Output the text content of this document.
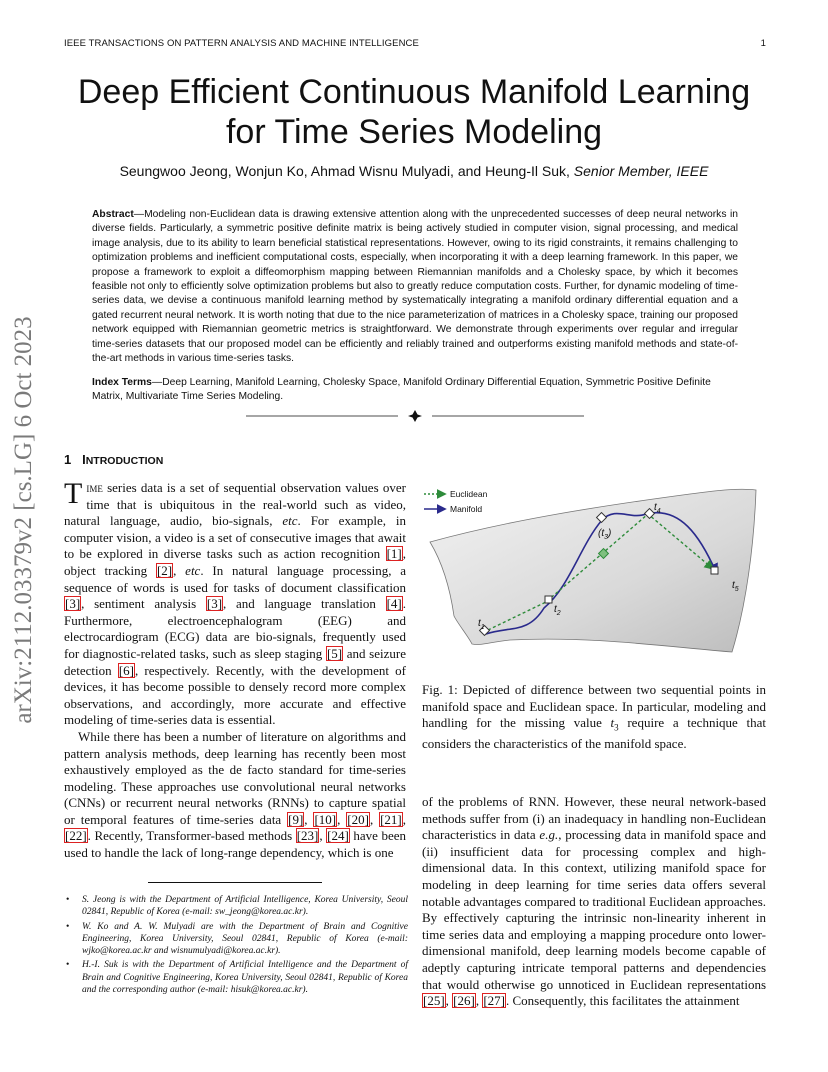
IEEE TRANSACTIONS ON PATTERN ANALYSIS AND MACHINE INTELLIGENCE	1
arXiv:2112.03379v2 [cs.LG] 6 Oct 2023
Deep Efficient Continuous Manifold Learning
for Time Series Modeling
Seungwoo Jeong, Wonjun Ko, Ahmad Wisnu Mulyadi, and Heung-Il Suk, Senior Member, IEEE
Abstract—Modeling non-Euclidean data is drawing extensive attention along with the unprecedented successes of deep neural networks in diverse fields. Particularly, a symmetric positive definite matrix is being actively studied in computer vision, signal processing, and medical image analysis, due to its ability to learn beneficial statistical representations. However, owing to its rigid constraints, it remains challenging to optimization problems and inefficient computational costs, especially, when incorporating it with a deep learning framework. In this paper, we propose a framework to exploit a diffeomorphism mapping between Riemannian manifolds and a Cholesky space, by which it becomes feasible not only to efficiently solve optimization problems but also to greatly reduce computation costs. Further, for dynamic modeling of time-series data, we devise a continuous manifold learning method by systematically integrating a manifold ordinary differential equation and a gated recurrent neural network. It is worth noting that due to the nice parameterization of matrices in a Cholesky space, training our proposed network equipped with Riemannian geometric metrics is straightforward. We demonstrate through experiments over regular and irregular time-series datasets that our proposed model can be efficiently and reliably trained and outperforms existing manifold methods and state-of-the-art methods in various time-series tasks.
Index Terms—Deep Learning, Manifold Learning, Cholesky Space, Manifold Ordinary Differential Equation, Symmetric Positive Definite Matrix, Multivariate Time Series Modeling.
1 INTRODUCTION

Time series data is a set of sequential observation values over time that is ubiquitous in the real-world such as video, natural language, audio, bio-signals, etc. For example, in computer vision, a video is a set of consecutive images that await to be explored in diverse tasks such as action recognition [1], object tracking [2], etc. In natural language processing, a sequence of words is used for tasks of document classification [3], sentiment analysis [3], and language translation [4]. Furthermore, electroencephalogram (EEG) and electrocardiogram (ECG) data are bio-signals, frequently used for diagnostic-related tasks, such as sleep staging [5] and seizure detection [6], respectively. Recently, with the development of devices, it has become possible to densely record more complex observations, and accordingly, more accurate and effective modeling of time-series data is essential.

While there has been a number of literature on algorithms and pattern analysis methods, deep learning has recently been most exhaustively employed as the de facto standard for time-series modeling. These approaches use convolutional neural networks (CNNs) or recurrent neural networks (RNNs) to capture spatial or temporal features of time-series data [9], [10], [20], [21], [22]. Recently, Transformer-based methods [23], [24] have been used to handle the lack of long-range dependency, which is one

• S. Jeong is with the Department of Artificial Intelligence, Korea University, Seoul 02841, Republic of Korea (e-mail: sw_jeong@korea.ac.kr).
• W. Ko and A. W. Mulyadi are with the Department of Brain and Cognitive Engineering, Korea University, Seoul 02841, Republic of Korea (e-mail: wjko@korea.ac.kr and wisnumulyadi@korea.ac.kr).
• H.-I. Suk is with the Department of Artificial Intelligence and the Department of Brain and Cognitive Engineering, Korea University, Seoul 02841, Republic of Korea and the corresponding author (e-mail: hisuk@korea.ac.kr).
Euclidean
Manifold
$t_1$
$t_2$
$(t_3)$
$t_4$
$t_5$
Fig. 1: Depicted of difference between two sequential points in manifold space and Euclidean space. In particular, modeling and handling for the missing value $t_3$ require a technique that considers the characteristics of the manifold space.

of the problems of RNN. However, these neural network-based methods suffer from (i) an inadequacy in handling non-Euclidean characteristics in data e.g., processing data in manifold space and (ii) insufficient data for processing complex and high-dimensional data. In this context, utilizing manifold space for modeling in deep learning for time series data offers several notable advantages compared to traditional Euclidean approaches. By effectively capturing the intrinsic non-linearity inherent in time series data and employing a mapping procedure onto lower-dimensional manifold, deep learning models become capable of adeptly capturing intricate temporal patterns and dependencies that would otherwise go unnoticed in Euclidean representations [25], [26], [27]. Consequently, this facilitates the attainment
